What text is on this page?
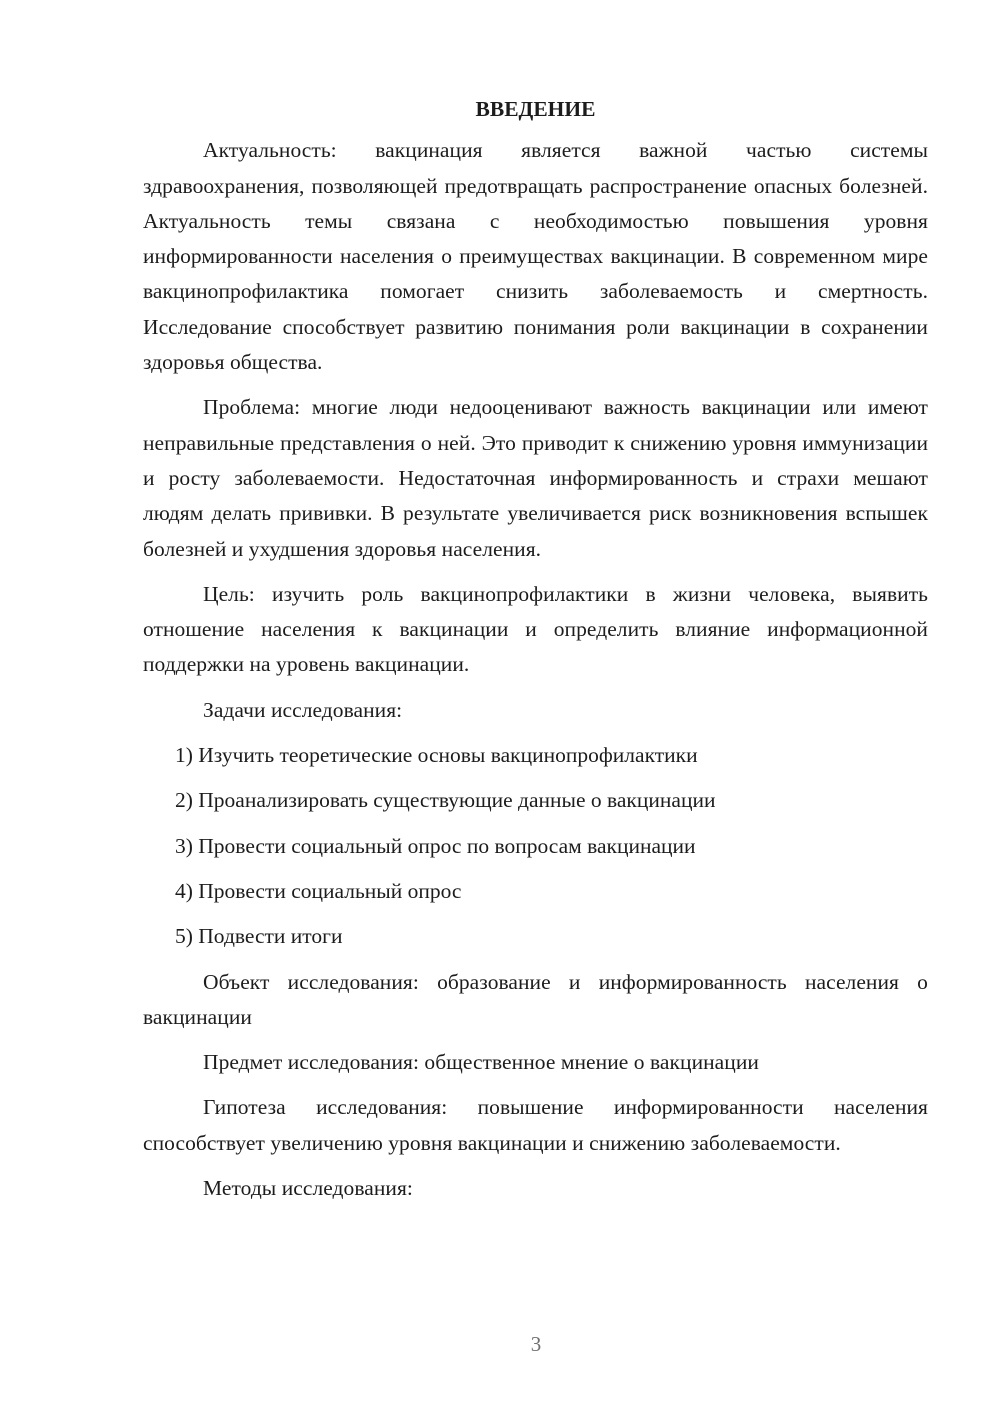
ВВЕДЕНИЕ

Актуальность: вакцинация является важной частью системы здравоохранения, позволяющей предотвращать распространение опасных болезней. Актуальность темы связана с необходимостью повышения уровня информированности населения о преимуществах вакцинации. В современном мире вакцинопрофилактика помогает снизить заболеваемость и смертность. Исследование способствует развитию понимания роли вакцинации в сохранении здоровья общества.

Проблема: многие люди недооценивают важность вакцинации или имеют неправильные представления о ней. Это приводит к снижению уровня иммунизации и росту заболеваемости. Недостаточная информированность и страхи мешают людям делать прививки. В результате увеличивается риск возникновения вспышек болезней и ухудшения здоровья населения.

Цель: изучить роль вакцинопрофилактики в жизни человека, выявить отношение населения к вакцинации и определить влияние информационной поддержки на уровень вакцинации.

Задачи исследования:

1) Изучить теоретические основы вакцинопрофилактики
2) Проанализировать существующие данные о вакцинации
3) Провести социальный опрос по вопросам вакцинации
4) Провести социальный опрос
5) Подвести итоги

Объект исследования: образование и информированность населения о вакцинации

Предмет исследования: общественное мнение о вакцинации

Гипотеза исследования: повышение информированности населения способствует увеличению уровня вакцинации и снижению заболеваемости.

Методы исследования:

3
